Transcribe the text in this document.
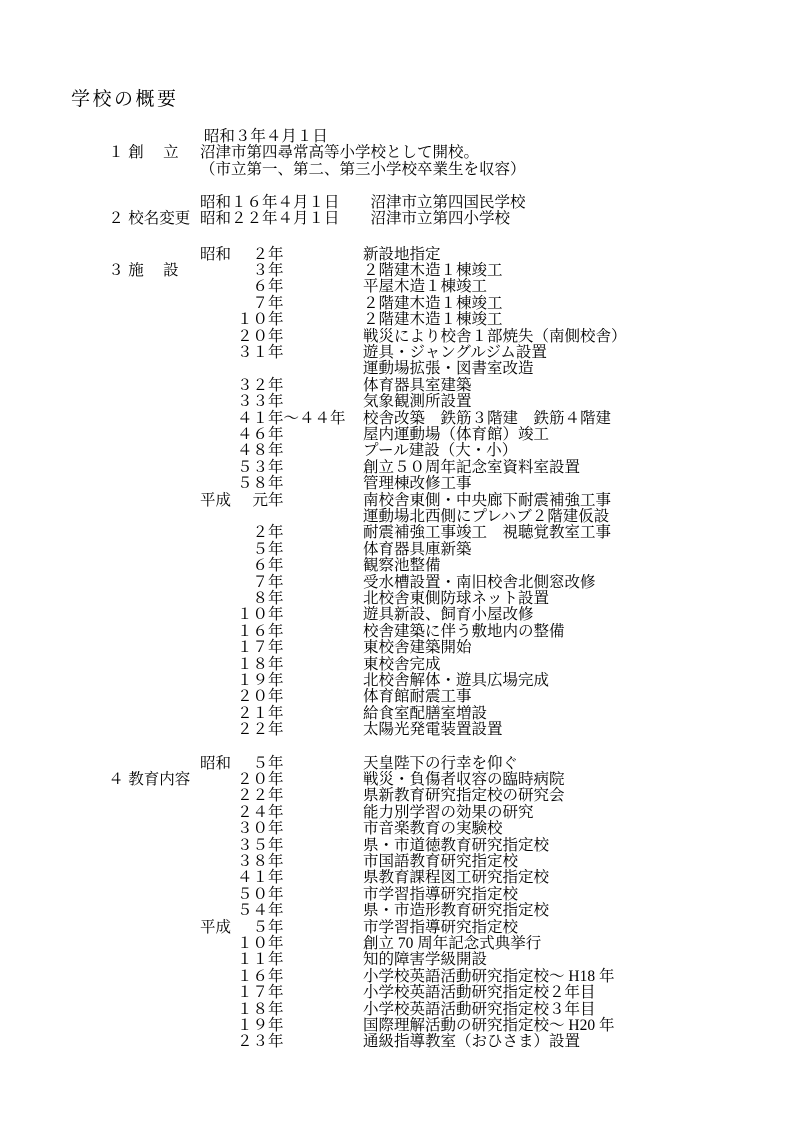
学校の概要

１ 創　 立

昭和３年４月１日
沼津市第四尋常高等小学校として開校。
（市立第一、第二、第三小学校卒業生を収容）

２ 校名変更

昭和１６年４月１日　　沼津市立第四国民学校
昭和２２年４月１日　　沼津市立第四小学校

３ 施　 設

昭和 　２年	新設地指定
　３年	２階建木造１棟竣工
　６年	平屋木造１棟竣工
　７年	２階建木造１棟竣工
１０年	２階建木造１棟竣工
２０年	戦災により校舎１部焼失（南側校舎）
３１年	遊具・ジャングルジム設置
運動場拡張・図書室改造
３２年	体育器具室建築
３３年	気象観測所設置
４１年～４４年	校舎改築　鉄筋３階建　鉄筋４階建
４６年	屋内運動場（体育館）竣工
４８年	プール建設（大・小）
５３年	創立５０周年記念室資料室設置
５８年	管理棟改修工事
平成 　元年	南校舎東側・中央廊下耐震補強工事
運動場北西側にプレハブ２階建仮設
　２年	耐震補強工事竣工　視聴覚教室工事
　５年	体育器具庫新築
　６年	観察池整備
　７年	受水槽設置・南旧校舎北側窓改修
　８年	北校舎東側防球ネット設置
１０年	遊具新設、飼育小屋改修
１６年	校舎建築に伴う敷地内の整備
１７年	東校舎建築開始
１８年	東校舎完成
１９年	北校舎解体・遊具広場完成
２０年	体育館耐震工事
２１年	給食室配膳室増設
２２年	太陽光発電装置設置

４ 教育内容

昭和 　５年	天皇陛下の行幸を仰ぐ
２０年	戦災・負傷者収容の臨時病院
２２年	県新教育研究指定校の研究会
２４年	能力別学習の効果の研究
３０年	市音楽教育の実験校
３５年	県・市道徳教育研究指定校
３８年	市国語教育研究指定校
４１年	県教育課程図工研究指定校
５０年	市学習指導研究指定校
５４年	県・市造形教育研究指定校
平成 　５年	市学習指導研究指定校
１０年	創立 70 周年記念式典挙行
１１年	知的障害学級開設
１６年	小学校英語活動研究指定校～ H18 年
１７年	小学校英語活動研究指定校２年目
１８年	小学校英語活動研究指定校３年目
１９年	国際理解活動の研究指定校～ H20 年
２３年	通級指導教室（おひさま）設置
